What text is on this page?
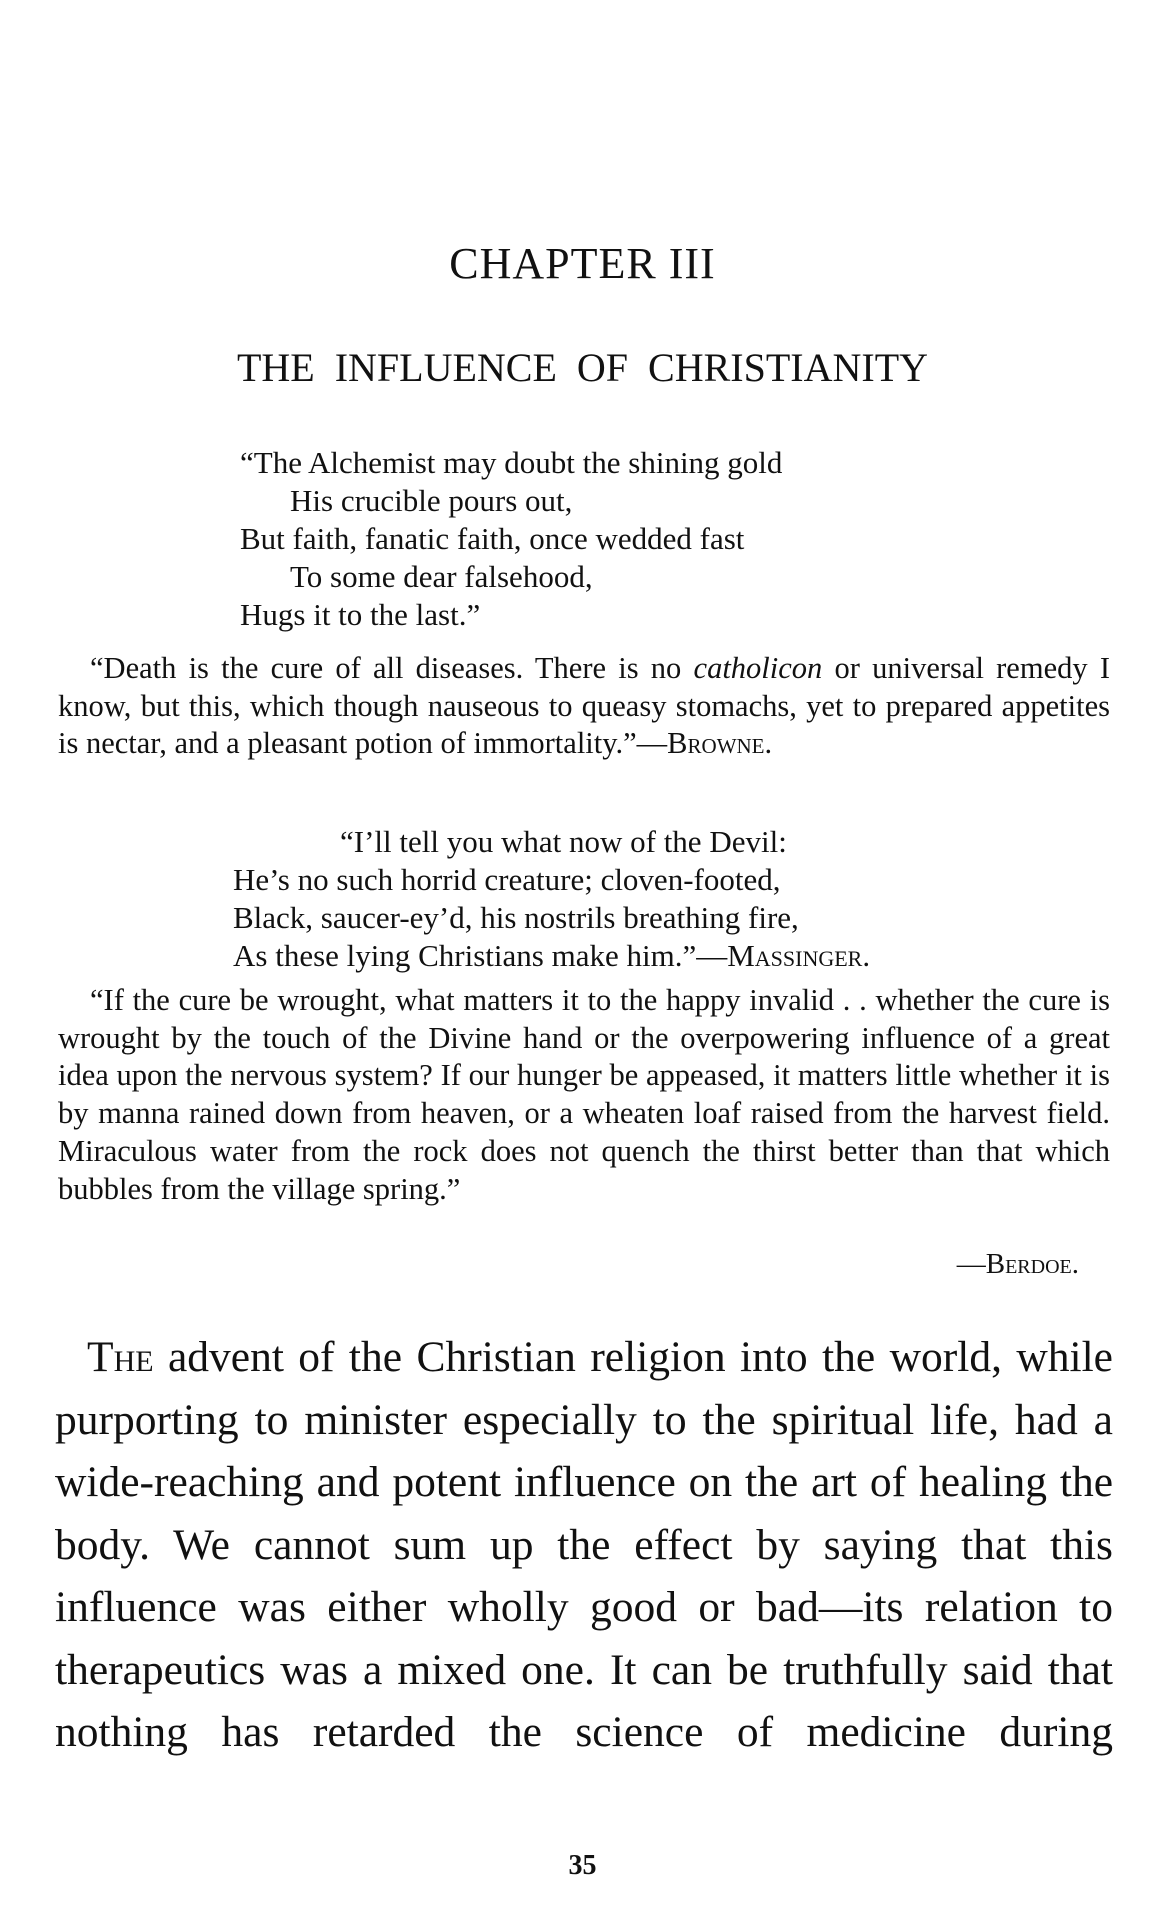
CHAPTER III
THE INFLUENCE OF CHRISTIANITY
“The Alchemist may doubt the shining gold
His crucible pours out,
But faith, fanatic faith, once wedded fast
To some dear falsehood,
Hugs it to the last.”
“Death is the cure of all diseases. There is no catholicon or universal remedy I know, but this, which though nauseous to queasy stomachs, yet to prepared appetites is nectar, and a pleasant potion of immortality.”—Browne.
“I’ll tell you what now of the Devil:
He’s no such horrid creature; cloven-footed,
Black, saucer-ey’d, his nostrils breathing fire,
As these lying Christians make him.”—Massinger.
“If the cure be wrought, what matters it to the happy invalid . . whether the cure is wrought by the touch of the Divine hand or the overpowering influence of a great idea upon the nervous system? If our hunger be appeased, it matters little whether it is by manna rained down from heaven, or a wheaten loaf raised from the harvest field. Miraculous water from the rock does not quench the thirst better than that which bubbles from the village spring.”
—Berdoe.
The advent of the Christian religion into the world, while purporting to minister especially to the spiritual life, had a wide-reaching and potent influence on the art of healing the body. We cannot sum up the effect by saying that this influence was either wholly good or bad—its relation to therapeutics was a mixed one. It can be truthfully said that nothing has retarded the science of medicine during
35
